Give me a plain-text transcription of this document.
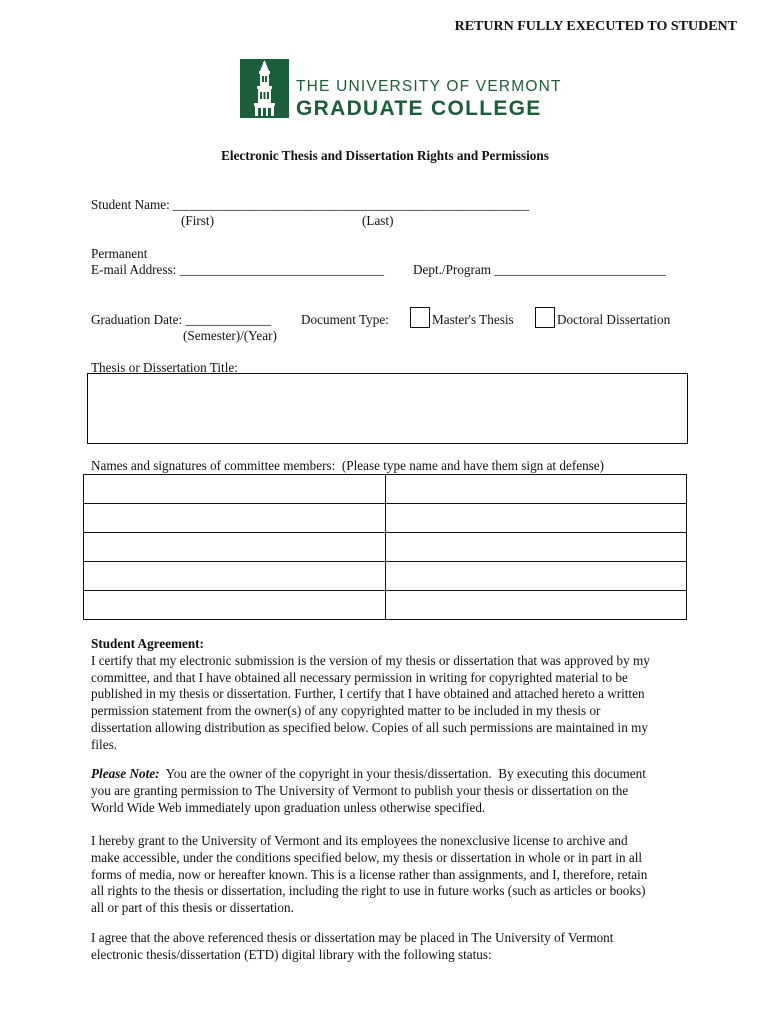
RETURN FULLY EXECUTED TO STUDENT
THE UNIVERSITY OF VERMONT
GRADUATE COLLEGE
Electronic Thesis and Dissertation Rights and Permissions
Student Name: ______________________________________________________
(First)	(Last)
Permanent
E-mail Address: _______________________________ Dept./Program __________________________
Graduation Date: _____________
(Semester)/(Year)
Document Type:	Master's Thesis	Doctoral Dissertation
Thesis or Dissertation Title:
Names and signatures of committee members:  (Please type name and have them sign at defense)

Student Agreement:
I certify that my electronic submission is the version of my thesis or dissertation that was approved by my
committee, and that I have obtained all necessary permission in writing for copyrighted material to be
published in my thesis or dissertation. Further, I certify that I have obtained and attached hereto a written
permission statement from the owner(s) of any copyrighted matter to be included in my thesis or
dissertation allowing distribution as specified below. Copies of all such permissions are maintained in my
files.
Please Note:  You are the owner of the copyright in your thesis/dissertation.  By executing this document
you are granting permission to The University of Vermont to publish your thesis or dissertation on the
World Wide Web immediately upon graduation unless otherwise specified.
I hereby grant to the University of Vermont and its employees the nonexclusive license to archive and
make accessible, under the conditions specified below, my thesis or dissertation in whole or in part in all
forms of media, now or hereafter known. This is a license rather than assignments, and I, therefore, retain
all rights to the thesis or dissertation, including the right to use in future works (such as articles or books)
all or part of this thesis or dissertation.
I agree that the above referenced thesis or dissertation may be placed in The University of Vermont
electronic thesis/dissertation (ETD) digital library with the following status:
